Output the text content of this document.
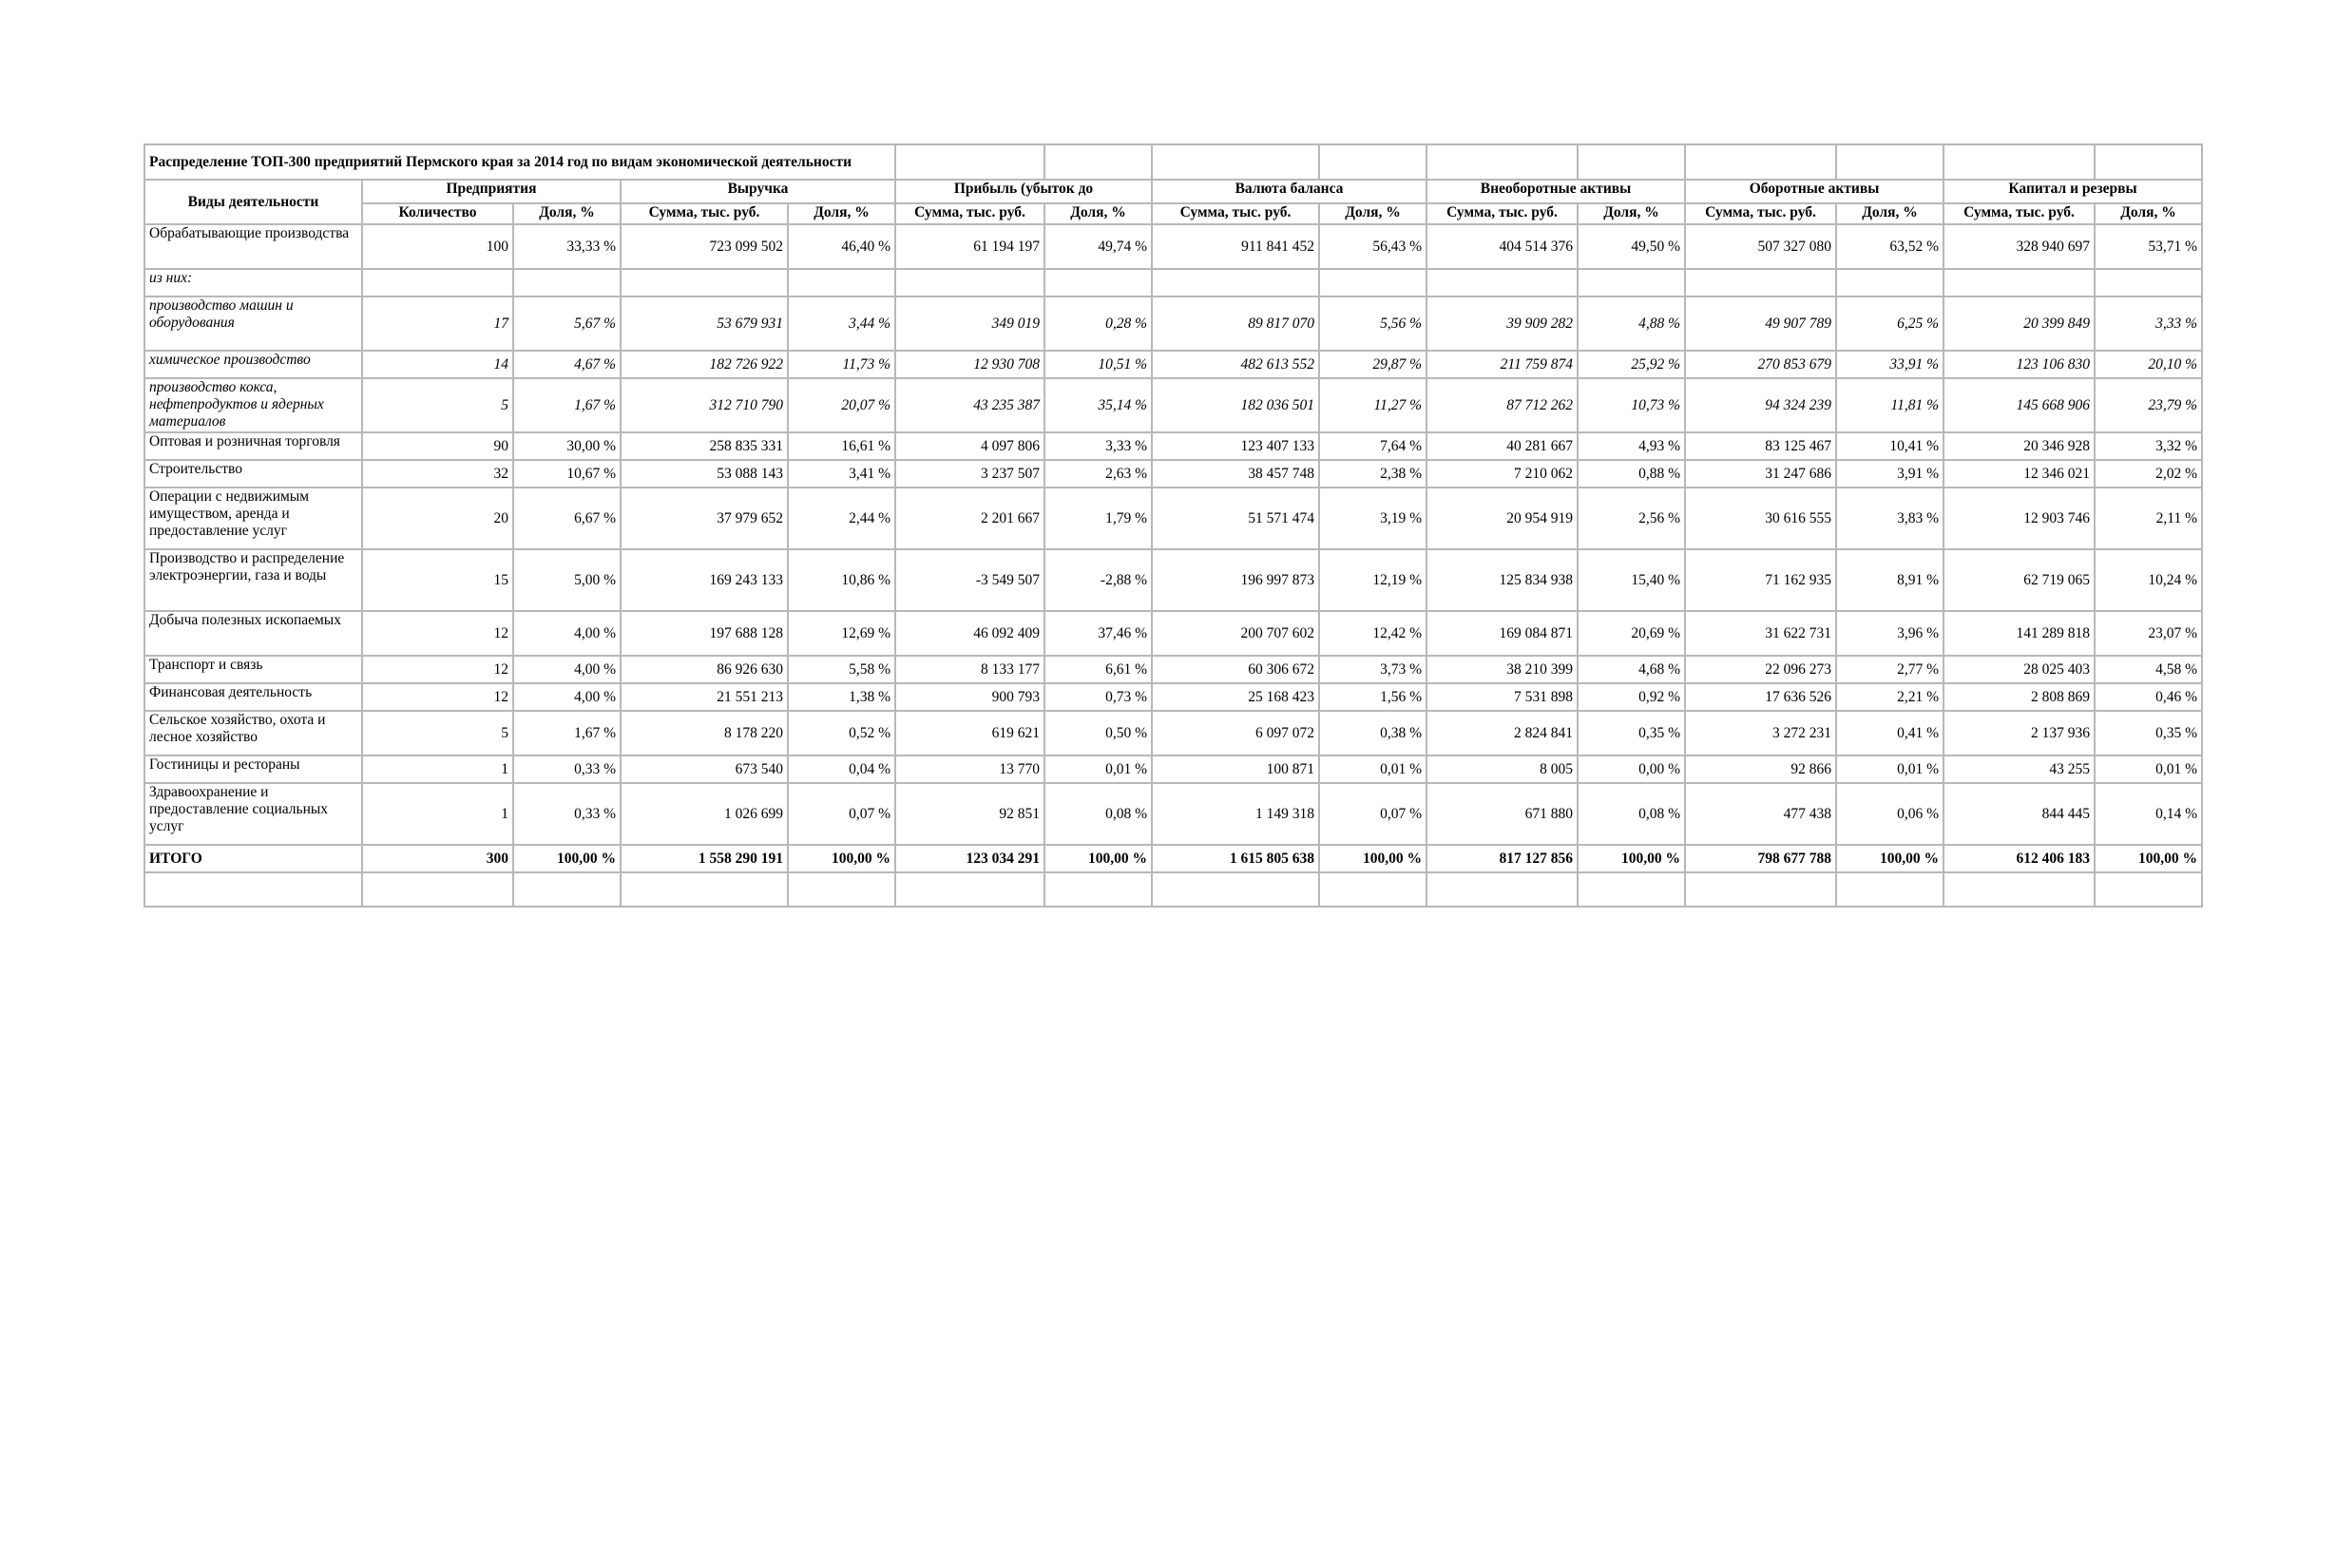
Распределение ТОП-300 предприятий Пермского края за 2014 год по видам экономической деятельности														
Виды деятельности	Предприятия		Выручка		Прибыль (убыток до		Валюта баланса		Внеоборотные активы		Оборотные активы		Капитал и резервы	
	Количество	Доля, %	Сумма, тыс. руб.	Доля, %	Сумма, тыс. руб.	Доля, %	Сумма, тыс. руб.	Доля, %	Сумма, тыс. руб.	Доля, %	Сумма, тыс. руб.	Доля, %	Сумма, тыс. руб.	Доля, %
Обрабатывающие производства	100	33,33 %	723 099 502	46,40 %	61 194 197	49,74 %	911 841 452	56,43 %	404 514 376	49,50 %	507 327 080	63,52 %	328 940 697	53,71 %
из них:														
производство машин и оборудования	17	5,67 %	53 679 931	3,44 %	349 019	0,28 %	89 817 070	5,56 %	39 909 282	4,88 %	49 907 789	6,25 %	20 399 849	3,33 %
химическое производство	14	4,67 %	182 726 922	11,73 %	12 930 708	10,51 %	482 613 552	29,87 %	211 759 874	25,92 %	270 853 679	33,91 %	123 106 830	20,10 %
производство кокса, нефтепродуктов и ядерных материалов	5	1,67 %	312 710 790	20,07 %	43 235 387	35,14 %	182 036 501	11,27 %	87 712 262	10,73 %	94 324 239	11,81 %	145 668 906	23,79 %
Оптовая и розничная торговля	90	30,00 %	258 835 331	16,61 %	4 097 806	3,33 %	123 407 133	7,64 %	40 281 667	4,93 %	83 125 467	10,41 %	20 346 928	3,32 %
Строительство	32	10,67 %	53 088 143	3,41 %	3 237 507	2,63 %	38 457 748	2,38 %	7 210 062	0,88 %	31 247 686	3,91 %	12 346 021	2,02 %
Операции с недвижимым имуществом, аренда и предоставление услуг	20	6,67 %	37 979 652	2,44 %	2 201 667	1,79 %	51 571 474	3,19 %	20 954 919	2,56 %	30 616 555	3,83 %	12 903 746	2,11 %
Производство и распределение электроэнергии, газа и воды	15	5,00 %	169 243 133	10,86 %	-3 549 507	-2,88 %	196 997 873	12,19 %	125 834 938	15,40 %	71 162 935	8,91 %	62 719 065	10,24 %
Добыча полезных ископаемых	12	4,00 %	197 688 128	12,69 %	46 092 409	37,46 %	200 707 602	12,42 %	169 084 871	20,69 %	31 622 731	3,96 %	141 289 818	23,07 %
Транспорт и связь	12	4,00 %	86 926 630	5,58 %	8 133 177	6,61 %	60 306 672	3,73 %	38 210 399	4,68 %	22 096 273	2,77 %	28 025 403	4,58 %
Финансовая деятельность	12	4,00 %	21 551 213	1,38 %	900 793	0,73 %	25 168 423	1,56 %	7 531 898	0,92 %	17 636 526	2,21 %	2 808 869	0,46 %
Сельское хозяйство, охота и лесное хозяйство	5	1,67 %	8 178 220	0,52 %	619 621	0,50 %	6 097 072	0,38 %	2 824 841	0,35 %	3 272 231	0,41 %	2 137 936	0,35 %
Гостиницы и рестораны	1	0,33 %	673 540	0,04 %	13 770	0,01 %	100 871	0,01 %	8 005	0,00 %	92 866	0,01 %	43 255	0,01 %
Здравоохранение и предоставление социальных услуг	1	0,33 %	1 026 699	0,07 %	92 851	0,08 %	1 149 318	0,07 %	671 880	0,08 %	477 438	0,06 %	844 445	0,14 %
ИТОГО	300	100,00 %	1 558 290 191	100,00 %	123 034 291	100,00 %	1 615 805 638	100,00 %	817 127 856	100,00 %	798 677 788	100,00 %	612 406 183	100,00 %
